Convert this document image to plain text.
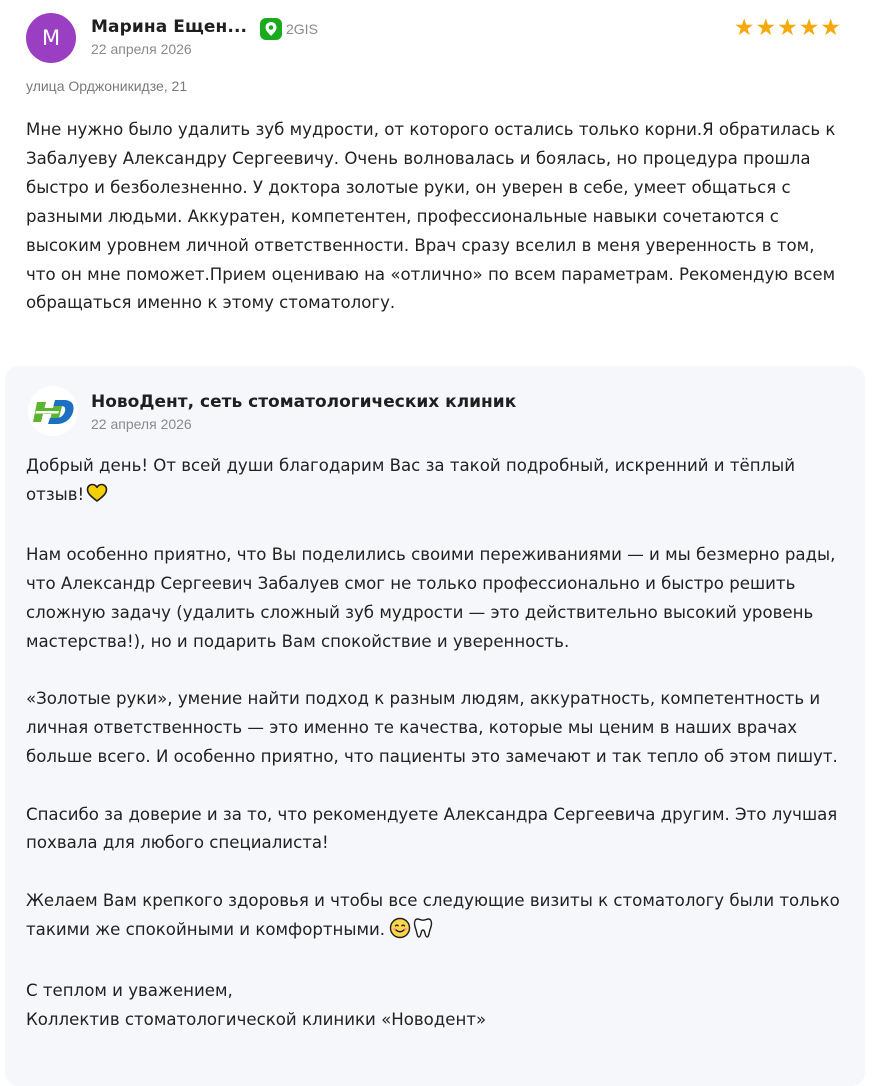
М Марина Ещен...	2GIS
22 апреля 2026
★ ★ ★ ★ ★
улица Орджоникидзе, 21
Мне нужно было удалить зуб мудрости, от которого остались только корни.Я обратилась к Забалуеву Александру Сергеевичу. Очень волновалась и боялась, но процедура прошла быстро и безболезненно. У доктора золотые руки, он уверен в себе, умеет общаться с разными людьми. Аккуратен, компетентен, профессиональные навыки сочетаются с высоким уровнем личной ответственности. Врач сразу вселил в меня уверенность в том, что он мне поможет.Прием оцениваю на «отлично» по всем параметрам. Рекомендую всем обращаться именно к этому стоматологу.
НовоДент, сеть стоматологических клиник
22 апреля 2026

Добрый день! От всей души благодарим Вас за такой подробный, искренний и тёплый отзыв!

Нам особенно приятно, что Вы поделились своими переживаниями — и мы безмерно рады, что Александр Сергеевич Забалуев смог не только профессионально и быстро решить сложную задачу (удалить сложный зуб мудрости — это действительно высокий уровень мастерства!), но и подарить Вам спокойствие и уверенность.

«Золотые руки», умение найти подход к разным людям, аккуратность, компетентность и личная ответственность — это именно те качества, которые мы ценим в наших врачах больше всего. И особенно приятно, что пациенты это замечают и так тепло об этом пишут.

Спасибо за доверие и за то, что рекомендуете Александра Сергеевича другим. Это лучшая похвала для любого специалиста!

Желаем Вам крепкого здоровья и чтобы все следующие визиты к стоматологу были только такими же спокойными и комфортными.

С теплом и уважением,

Коллектив стоматологической клиники «Новодент»
